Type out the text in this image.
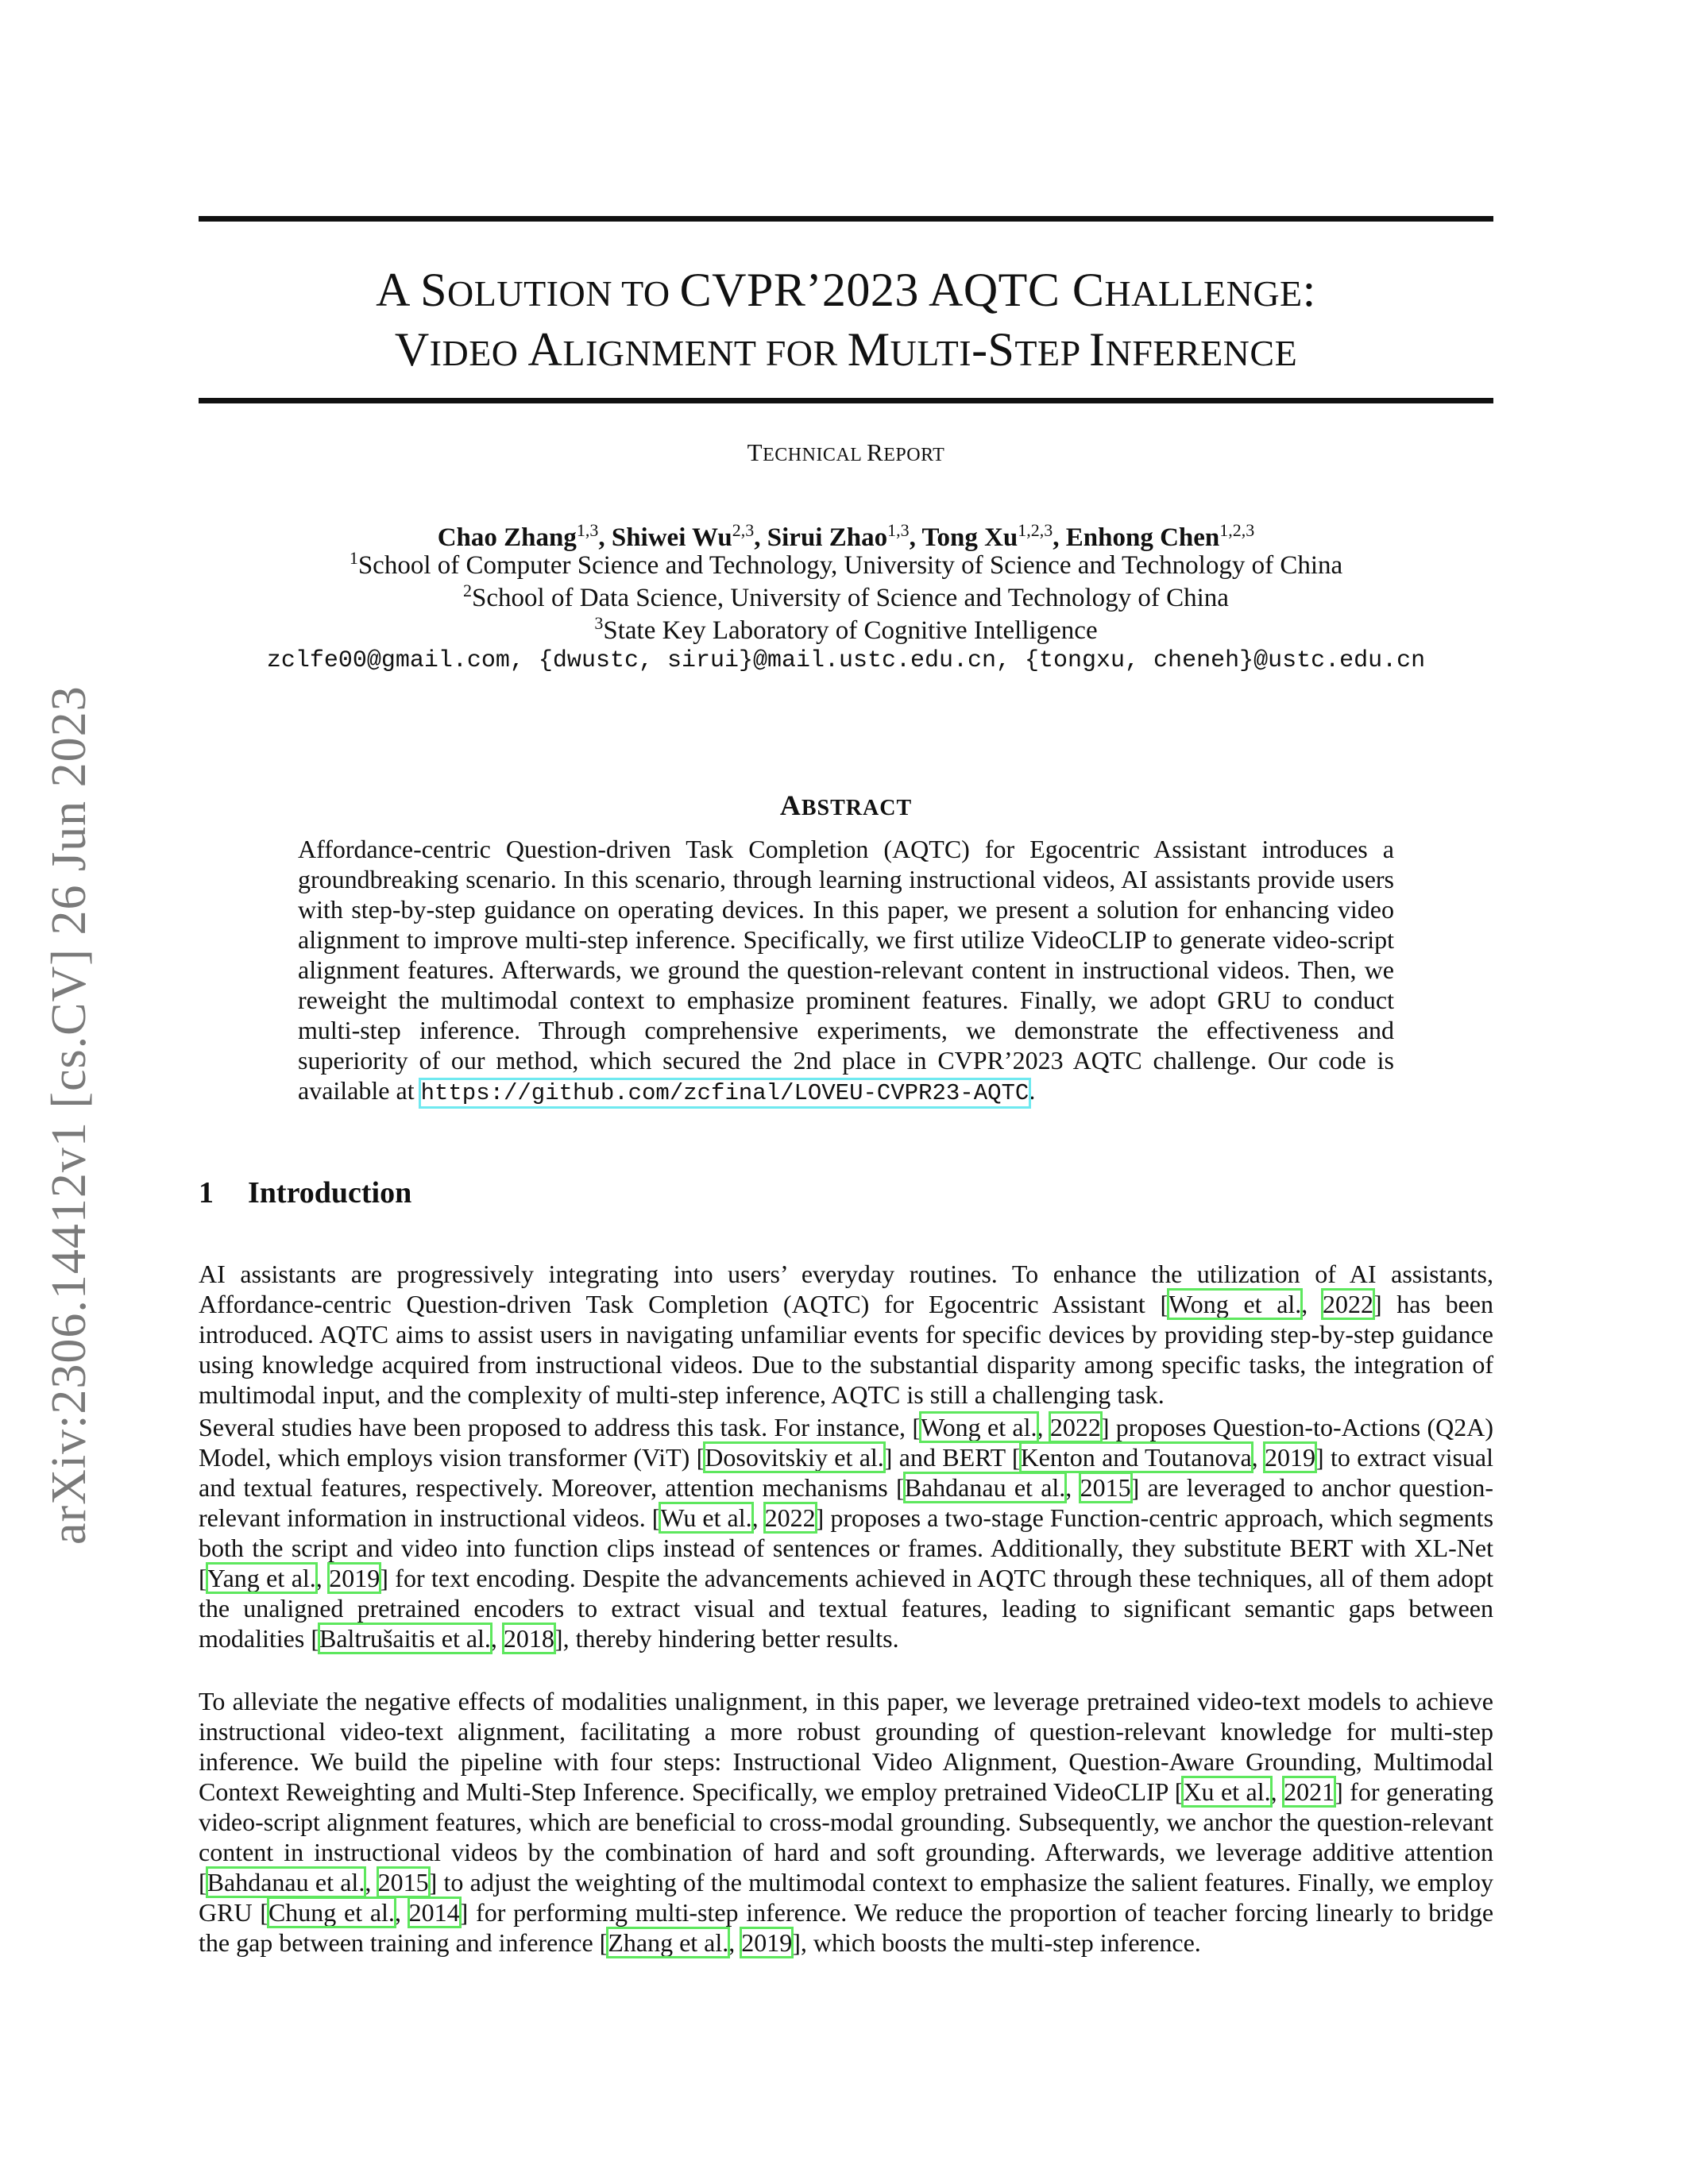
arXiv:2306.14412v1 [cs.CV] 26 Jun 2023
A SOLUTION TO CVPR’2023 AQTC CHALLENGE:
VIDEO ALIGNMENT FOR MULTI-STEP INFERENCE
TECHNICAL REPORT
Chao Zhang$^{1,3}$, Shiwei Wu$^{2,3}$, Sirui Zhao$^{1,3}$, Tong Xu$^{1,2,3}$, Enhong Chen$^{1,2,3}$
$^1$School of Computer Science and Technology, University of Science and Technology of China
$^2$School of Data Science, University of Science and Technology of China
$^3$State Key Laboratory of Cognitive Intelligence
zclfe00@gmail.com, {dwustc, sirui}@mail.ustc.edu.cn, {tongxu, cheneh}@ustc.edu.cn
ABSTRACT
Affordance-centric Question-driven Task Completion (AQTC) for Egocentric Assistant introduces a groundbreaking scenario. In this scenario, through learning instructional videos, AI assistants provide users with step-by-step guidance on operating devices. In this paper, we present a solution for enhancing video alignment to improve multi-step inference. Specifically, we first utilize VideoCLIP to generate video-script alignment features. Afterwards, we ground the question-relevant content in instructional videos. Then, we reweight the multimodal context to emphasize prominent features. Finally, we adopt GRU to conduct multi-step inference. Through comprehensive experiments, we demonstrate the effectiveness and superiority of our method, which secured the 2nd place in CVPR’2023 AQTC challenge. Our code is available at https://github.com/zcfinal/LOVEU-CVPR23-AQTC.
1 Introduction
AI assistants are progressively integrating into users’ everyday routines. To enhance the utilization of AI assistants, Affordance-centric Question-driven Task Completion (AQTC) for Egocentric Assistant [Wong et al., 2022] has been introduced. AQTC aims to assist users in navigating unfamiliar events for specific devices by providing step-by-step guidance using knowledge acquired from instructional videos. Due to the substantial disparity among specific tasks, the integration of multimodal input, and the complexity of multi-step inference, AQTC is still a challenging task.
Several studies have been proposed to address this task. For instance, [Wong et al., 2022] proposes Question-to-Actions (Q2A) Model, which employs vision transformer (ViT) [Dosovitskiy et al.] and BERT [Kenton and Toutanova, 2019] to extract visual and textual features, respectively. Moreover, attention mechanisms [Bahdanau et al., 2015] are leveraged to anchor question-relevant information in instructional videos. [Wu et al., 2022] proposes a two-stage Function-centric approach, which segments both the script and video into function clips instead of sentences or frames. Additionally, they substitute BERT with XL-Net [Yang et al., 2019] for text encoding. Despite the advancements achieved in AQTC through these techniques, all of them adopt the unaligned pretrained encoders to extract visual and textual features, leading to significant semantic gaps between modalities [Baltrušaitis et al., 2018], thereby hindering better results.
To alleviate the negative effects of modalities unalignment, in this paper, we leverage pretrained video-text models to achieve instructional video-text alignment, facilitating a more robust grounding of question-relevant knowledge for multi-step inference. We build the pipeline with four steps: Instructional Video Alignment, Question-Aware Grounding, Multimodal Context Reweighting and Multi-Step Inference. Specifically, we employ pretrained VideoCLIP [Xu et al., 2021] for generating video-script alignment features, which are beneficial to cross-modal grounding. Subsequently, we anchor the question-relevant content in instructional videos by the combination of hard and soft grounding. Afterwards, we leverage additive attention [Bahdanau et al., 2015] to adjust the weighting of the multimodal context to emphasize the salient features. Finally, we employ GRU [Chung et al., 2014] for performing multi-step inference. We reduce the proportion of teacher forcing linearly to bridge the gap between training and inference [Zhang et al., 2019], which boosts the multi-step inference.
